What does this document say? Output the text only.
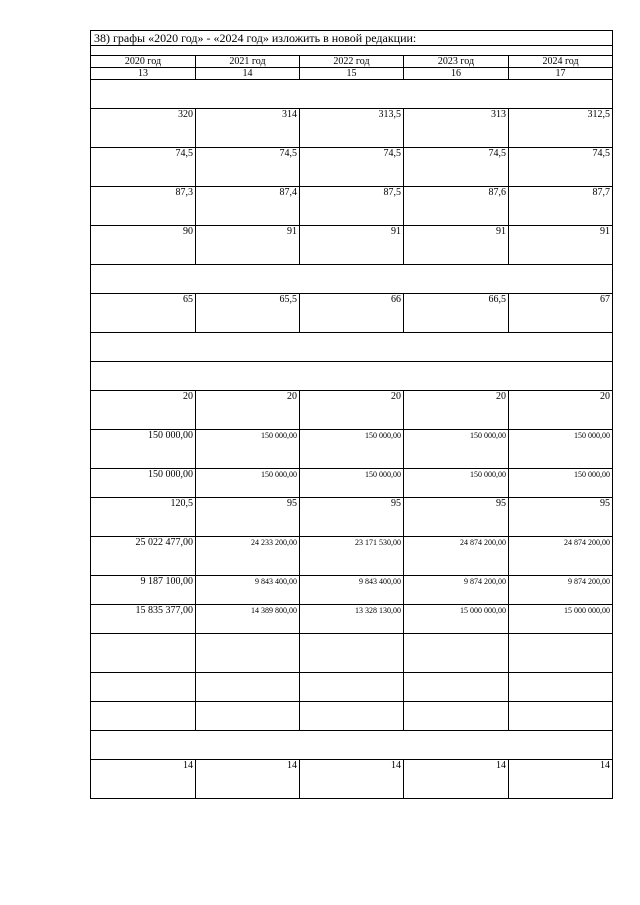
38) графы «2020 год» - «2024 год» изложить в новой редакции:				

2020 год	2021 год	2022 год	2023 год	2024 год
13	14	15	16	17

320	314	313,5	313	312,5
74,5	74,5	74,5	74,5	74,5
87,3	87,4	87,5	87,6	87,7
90	91	91	91	91

65	65,5	66	66,5	67

20	20	20	20	20
150 000,00	150 000,00	150 000,00	150 000,00	150 000,00
150 000,00	150 000,00	150 000,00	150 000,00	150 000,00
120,5	95	95	95	95
25 022 477,00	24 233 200,00	23 171 530,00	24 874 200,00	24 874 200,00
9 187 100,00	9 843 400,00	9 843 400,00	9 874 200,00	9 874 200,00
15 835 377,00	14 389 800,00	13 328 130,00	15 000 000,00	15 000 000,00

14	14	14	14	14
